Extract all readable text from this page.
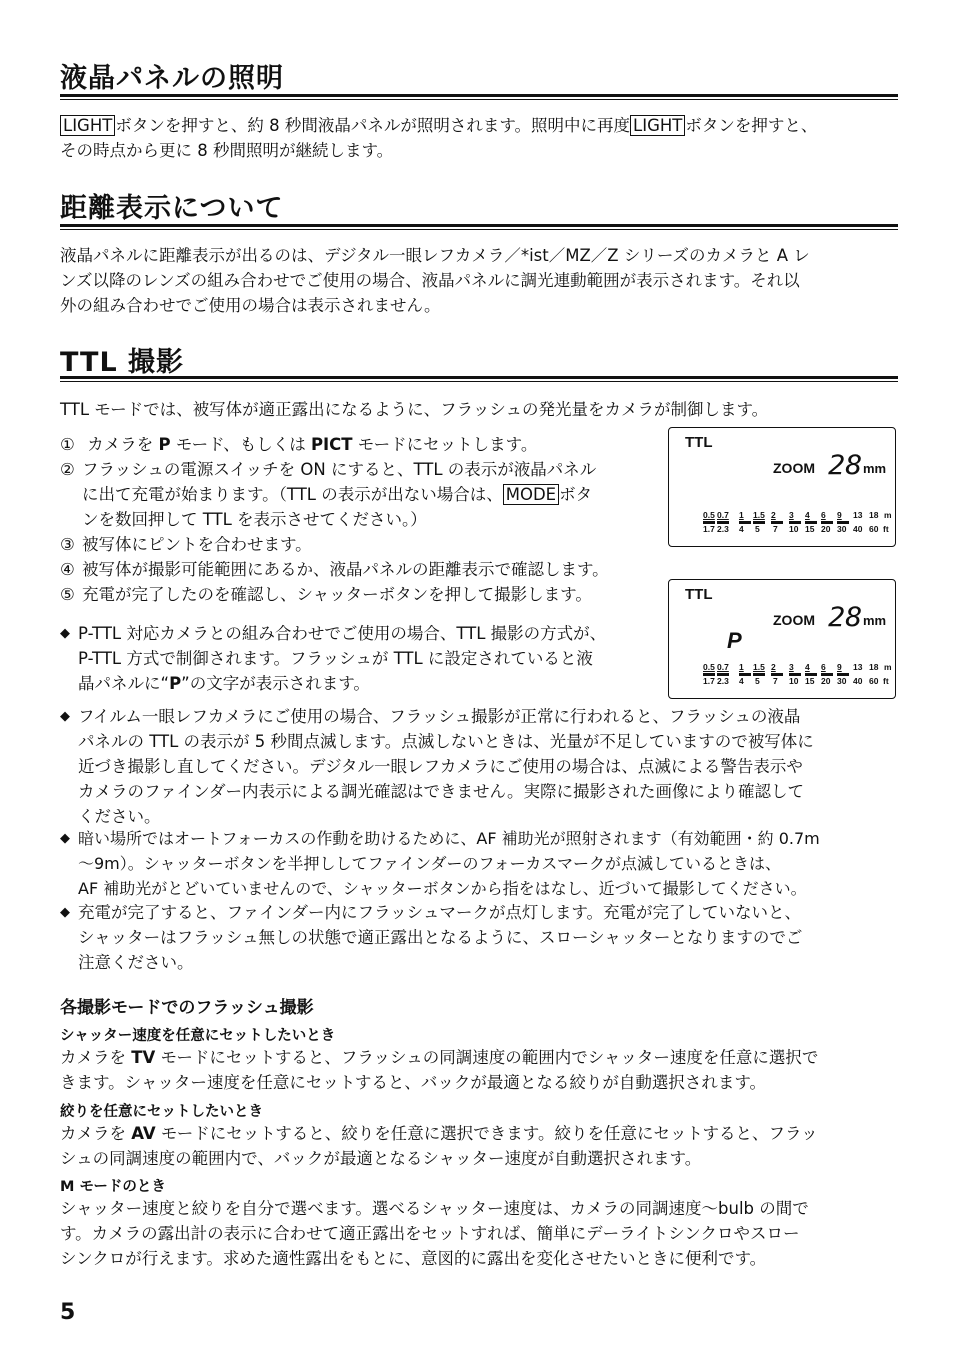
液晶パネルの照明
LIGHT ボタンを押すと、約 8 秒間液晶パネルが照明されます。照明中に再度 LIGHT ボタンを押すと、
その時点から更に 8 秒間照明が継続します。
距離表示について
液晶パネルに距離表示が出るのは、デジタル一眼レフカメラ／*ist／MZ／Z シリーズのカメラと A レ
ンズ以降のレンズの組み合わせでご使用の場合、液晶パネルに調光連動範囲が表示されます。それ以
外の組み合わせでご使用の場合は表示されません。
TTL 撮影
TTL モードでは、被写体が適正露出になるように、フラッシュの発光量をカメラが制御します。
① カメラを P モード、もしくは PICT モードにセットします。
② フラッシュの電源スイッチを ON にすると、TTL の表示が液晶パネル
に出て充電が始まります。（TTL の表示が出ない場合は、 MODE ボタ
ンを数回押して TTL を表示させてください。）
③ 被写体にピントを合わせます。
④ 被写体が撮影可能範囲にあるか、液晶パネルの距離表示で確認します。
⑤ 充電が完了したのを確認し、シャッターボタンを押して撮影します。
TTL
ZOOM 28 mm
0.5 0.7 1 1.5 2 3 4 6 9 13 18 m
1.7 2.3 4 5 7 10 15 20 30 40 60 ft
TTL
ZOOM 28 mm
P
0.5 0.7 1 1.5 2 3 4 6 9 13 18 m
1.7 2.3 4 5 7 10 15 20 30 40 60 ft
◆ P-TTL 対応カメラとの組み合わせでご使用の場合、TTL 撮影の方式が、
P-TTL 方式で制御されます。フラッシュが TTL に設定されていると液
晶パネルに“P”の文字が表示されます。
◆ フイルム一眼レフカメラにご使用の場合、フラッシュ撮影が正常に行われると、フラッシュの液晶
パネルの TTL の表示が 5 秒間点滅します。点滅しないときは、光量が不足していますので被写体に
近づき撮影し直してください。デジタル一眼レフカメラにご使用の場合は、点滅による警告表示や
カメラのファインダー内表示による調光確認はできません。実際に撮影された画像により確認して
ください。
◆ 暗い場所ではオートフォーカスの作動を助けるために、AF 補助光が照射されます（有効範囲・約 0.7m
〜9m）。シャッターボタンを半押ししてファインダーのフォーカスマークが点滅しているときは、
AF 補助光がとどいていませんので、シャッターボタンから指をはなし、近づいて撮影してください。
◆ 充電が完了すると、ファインダー内にフラッシュマークが点灯します。充電が完了していないと、
シャッターはフラッシュ無しの状態で適正露出となるように、スローシャッターとなりますのでご
注意ください。
各撮影モードでのフラッシュ撮影
シャッター速度を任意にセットしたいとき
カメラを TV モードにセットすると、フラッシュの同調速度の範囲内でシャッター速度を任意に選択で
きます。シャッター速度を任意にセットすると、バックが最適となる絞りが自動選択されます。
絞りを任意にセットしたいとき
カメラを AV モードにセットすると、絞りを任意に選択できます。絞りを任意にセットすると、フラッ
シュの同調速度の範囲内で、バックが最適となるシャッター速度が自動選択されます。
M モードのとき
シャッター速度と絞りを自分で選べます。選べるシャッター速度は、カメラの同調速度〜bulb の間で
す。カメラの露出計の表示に合わせて適正露出をセットすれば、簡単にデーライトシンクロやスロー
シンクロが行えます。求めた適性露出をもとに、意図的に露出を変化させたいときに便利です。
5
